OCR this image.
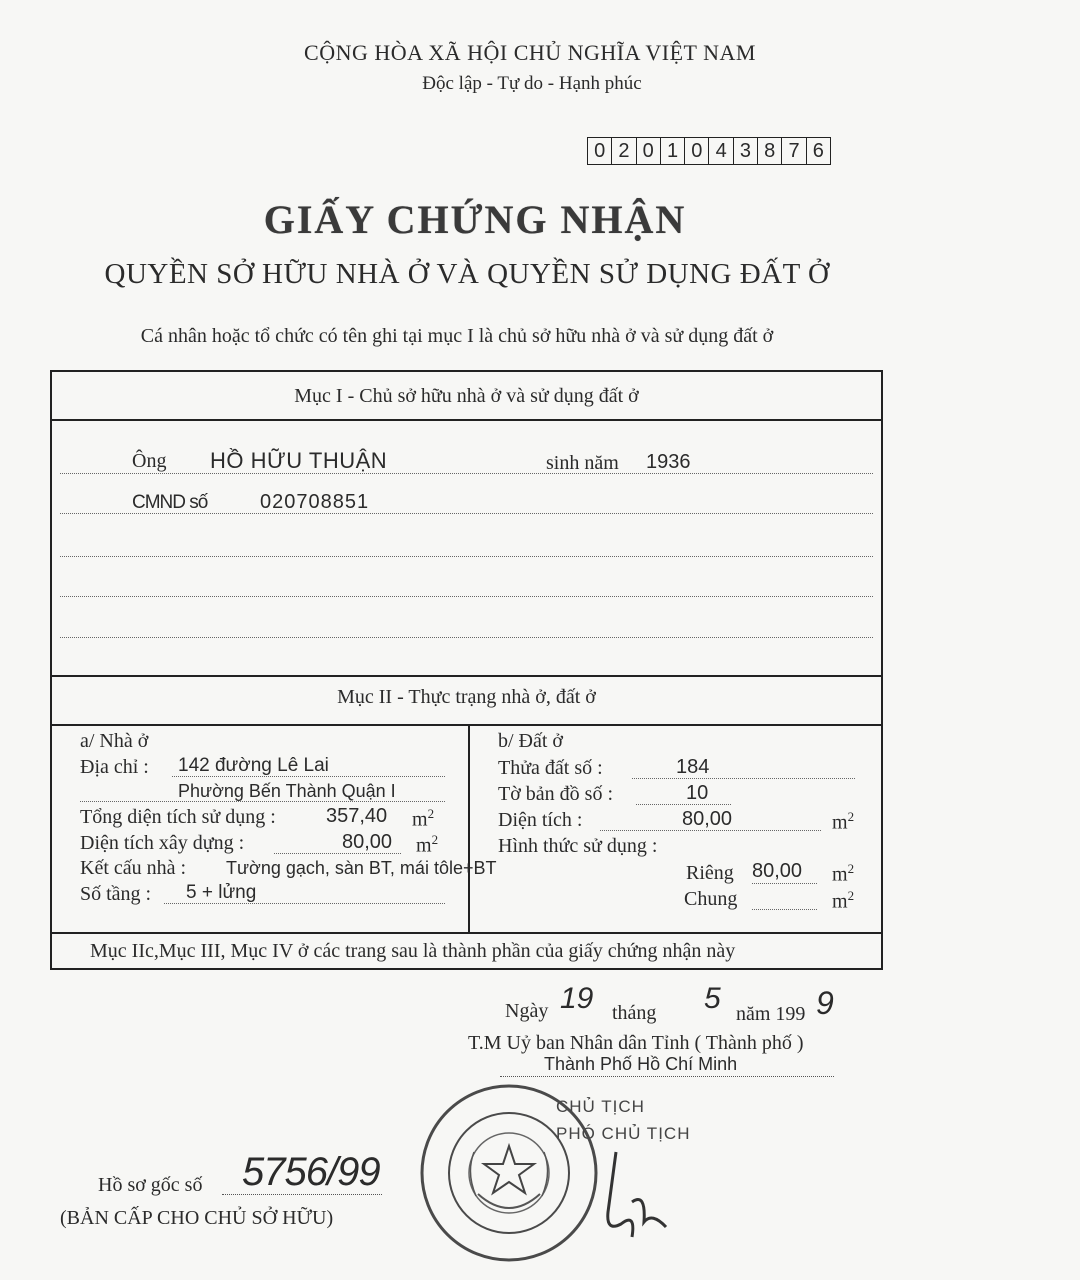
CỘNG HÒA XÃ HỘI CHỦ NGHĨA VIỆT NAM
Độc lập - Tự do - Hạnh phúc
0 2 0 1 0 4 3 8 7 6
GIẤY CHỨNG NHẬN
QUYỀN SỞ HỮU NHÀ Ở VÀ QUYỀN SỬ DỤNG ĐẤT Ở
Cá nhân hoặc tổ chức có tên ghi tại mục I là chủ sở hữu nhà ở và sử dụng đất ở
Mục I - Chủ sở hữu nhà ở và sử dụng đất ở
Ông HỒ HỮU THUẬN	sinh năm 1936
CMND số	020708851
Mục II - Thực trạng nhà ở, đất ở
a/ Nhà ở
Địa chỉ : 142 đường Lê Lai
Phường Bến Thành Quận I
Tổng diện tích sử dụng :	357,40 $m^2$
Diện tích xây dựng :	80,00 $m^2$
Kết cấu nhà : Tường gạch, sàn BT, mái tôle+BT
Số tầng : 5 + lửng
b/ Đất ở
Thửa đất số :	184
Tờ bản đồ số :	10
Diện tích :	80,00	$m^2$
Hình thức sử dụng :
Riêng 80,00 $m^2$
Chung	$m^2$
Mục IIc,Mục III, Mục IV ở các trang sau là thành phần của giấy chứng nhận này
Ngày 19 tháng 5 năm 199 9
T.M Uỷ ban Nhân dân Tỉnh ( Thành phố )
Thành Phố Hồ Chí Minh
CHỦ TỊCH
PHÓ CHỦ TỊCH
Hồ sơ gốc số 5756/99
(BẢN CẤP CHO CHỦ SỞ HỮU)
